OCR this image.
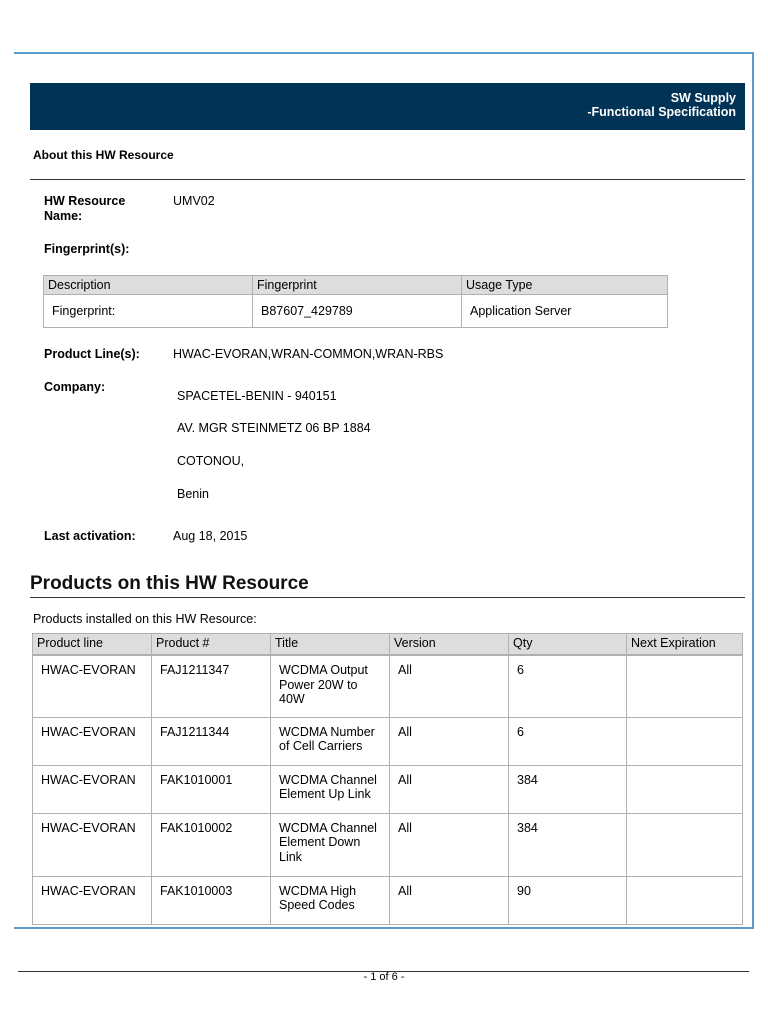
SW Supply
-Functional Specification
About this HW Resource
HW Resource
Name:
UMV02
Fingerprint(s):
Description	Fingerprint	Usage Type
Fingerprint:	B87607_429789	Application Server
Product Line(s):	HWAC-EVORAN,WRAN-COMMON,WRAN-RBS
Company:
SPACETEL-BENIN - 940151
AV. MGR STEINMETZ 06 BP 1884
COTONOU,
Benin
Last activation:	Aug 18, 2015
Products on this HW Resource
Products installed on this HW Resource:
Product line	Product #	Title	Version	Qty	Next Expiration
HWAC-EVORAN	FAJ1211347	WCDMA Output Power 20W to 40W	All	6	
HWAC-EVORAN	FAJ1211344	WCDMA Number of Cell Carriers	All	6	
HWAC-EVORAN	FAK1010001	WCDMA Channel Element Up Link	All	384	
HWAC-EVORAN	FAK1010002	WCDMA Channel Element Down Link	All	384	
HWAC-EVORAN	FAK1010003	WCDMA High Speed Codes	All	90	
- 1 of 6 -
